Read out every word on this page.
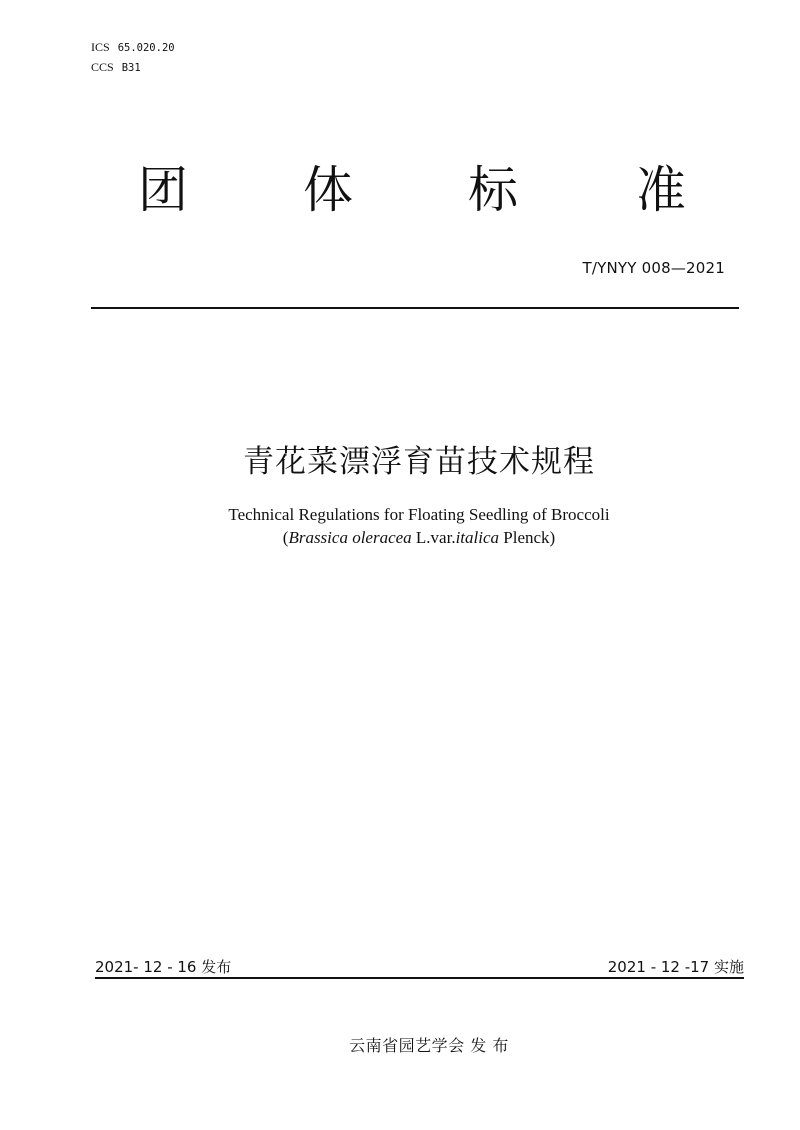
ICS 65.020.20
CCS B31
团 体 标 准
T/YNYY 008—2021
青花菜漂浮育苗技术规程
Technical Regulations for Floating Seedling of Broccoli
(Brassica oleracea L.var.italica Plenck)
2021- 12 - 16 发布	2021 - 12 -17 实施
云南省园艺学会 发 布
